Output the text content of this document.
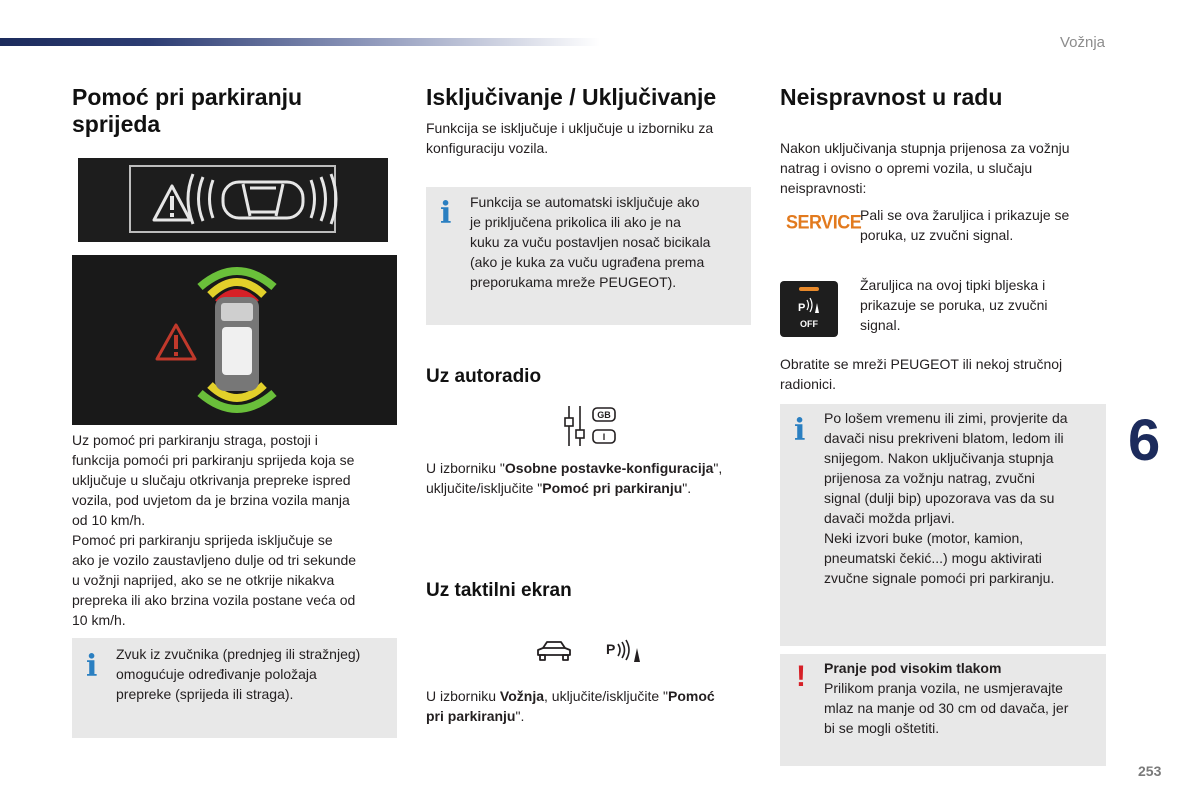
Vožnja
6
253
Pomoć pri parkiranju
sprijeda

Uz pomoć pri parkiranju straga, postoji i
funkcija pomoći pri parkiranju sprijeda koja se
uključuje u slučaju otkrivanja prepreke ispred
vozila, pod uvjetom da je brzina vozila manja
od 10 km/h.

Pomoć pri parkiranju sprijeda isključuje se
ako je vozilo zaustavljeno dulje od tri sekunde
u vožnji naprijed, ako se ne otkrije nikakva
prepreka ili ako brzina vozila postane veća od
10 km/h.

i Zvuk iz zvučnika (prednjeg ili stražnjeg)
omogućuje određivanje položaja
prepreke (sprijeda ili straga).
Isključivanje / Uključivanje

Funkcija se isključuje i uključuje u izborniku za
konfiguraciju vozila.

i Funkcija se automatski isključuje ako
je priključena prikolica ili ako je na
kuku za vuču postavljen nosač bicikala
(ako je kuka za vuču ugrađena prema
preporukama mreže PEUGEOT).
Uz autoradio
GB
I

U izborniku "Osobne postavke-konfiguracija",
uključite/isključite "Pomoć pri parkiranju".

Uz taktilni ekran
P

U izborniku Vožnja, uključite/isključite "Pomoć
pri parkiranju".

Neispravnost u radu

Nakon uključivanja stupnja prijenosa za vožnju
natrag i ovisno o opremi vozila, u slučaju
neispravnosti:

SERVICE

Pali se ova žaruljica i prikazuje se
poruka, uz zvučni signal.

P
OFF

Žaruljica na ovoj tipki bljeska i
prikazuje se poruka, uz zvučni
signal.

Obratite se mreži PEUGEOT ili nekoj stručnoj
radionici.

i Po lošem vremenu ili zimi, provjerite da
davači nisu prekriveni blatom, ledom ili
snijegom. Nakon uključivanja stupnja
prijenosa za vožnju natrag, zvučni
signal (dulji bip) upozorava vas da su
davači možda prljavi.
Neki izvori buke (motor, kamion,
pneumatski čekić...) mogu aktivirati
zvučne signale pomoći pri parkiranju.
! Pranje pod visokim tlakom
Prilikom pranja vozila, ne usmjeravajte
mlaz na manje od 30 cm od davača, jer
bi se mogli oštetiti.
